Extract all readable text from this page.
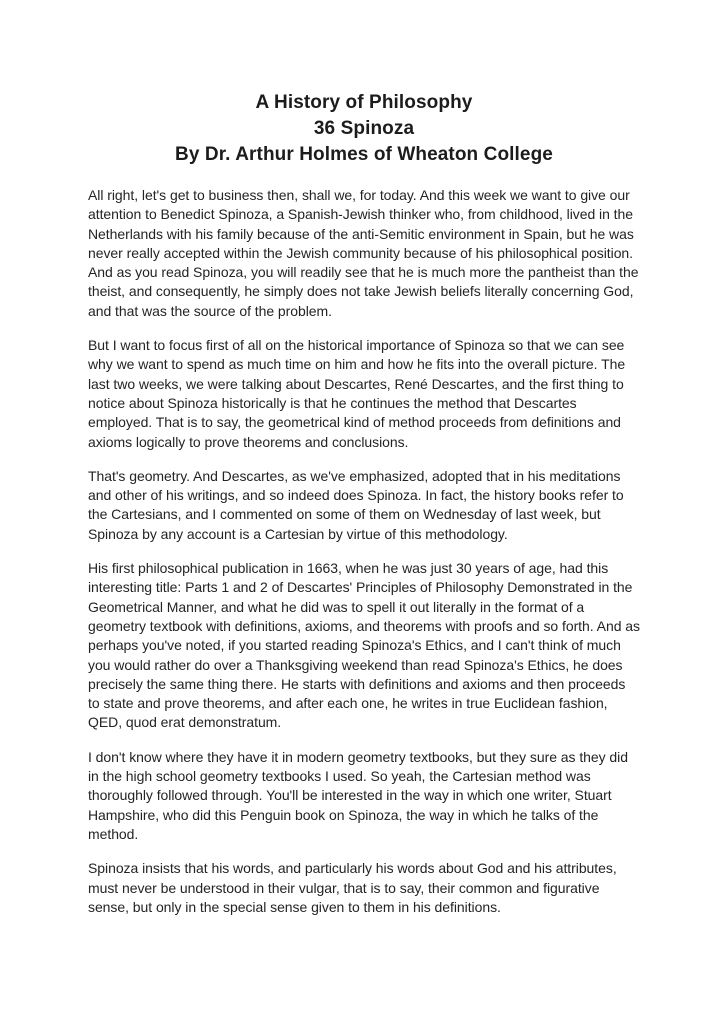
A History of Philosophy
36 Spinoza
By Dr. Arthur Holmes of Wheaton College

All right, let's get to business then, shall we, for today. And this week we want to give our attention to Benedict Spinoza, a Spanish-Jewish thinker who, from childhood, lived in the Netherlands with his family because of the anti-Semitic environment in Spain, but he was never really accepted within the Jewish community because of his philosophical position. And as you read Spinoza, you will readily see that he is much more the pantheist than the theist, and consequently, he simply does not take Jewish beliefs literally concerning God, and that was the source of the problem.

But I want to focus first of all on the historical importance of Spinoza so that we can see why we want to spend as much time on him and how he fits into the overall picture. The last two weeks, we were talking about Descartes, René Descartes, and the first thing to notice about Spinoza historically is that he continues the method that Descartes employed. That is to say, the geometrical kind of method proceeds from definitions and axioms logically to prove theorems and conclusions.

That's geometry. And Descartes, as we've emphasized, adopted that in his meditations and other of his writings, and so indeed does Spinoza. In fact, the history books refer to the Cartesians, and I commented on some of them on Wednesday of last week, but Spinoza by any account is a Cartesian by virtue of this methodology.

His first philosophical publication in 1663, when he was just 30 years of age, had this interesting title: Parts 1 and 2 of Descartes' Principles of Philosophy Demonstrated in the Geometrical Manner, and what he did was to spell it out literally in the format of a geometry textbook with definitions, axioms, and theorems with proofs and so forth. And as perhaps you've noted, if you started reading Spinoza's Ethics, and I can't think of much you would rather do over a Thanksgiving weekend than read Spinoza's Ethics, he does precisely the same thing there. He starts with definitions and axioms and then proceeds to state and prove theorems, and after each one, he writes in true Euclidean fashion, QED, quod erat demonstratum.

I don't know where they have it in modern geometry textbooks, but they sure as they did in the high school geometry textbooks I used. So yeah, the Cartesian method was thoroughly followed through. You'll be interested in the way in which one writer, Stuart Hampshire, who did this Penguin book on Spinoza, the way in which he talks of the method.

Spinoza insists that his words, and particularly his words about God and his attributes, must never be understood in their vulgar, that is to say, their common and figurative sense, but only in the special sense given to them in his definitions.
